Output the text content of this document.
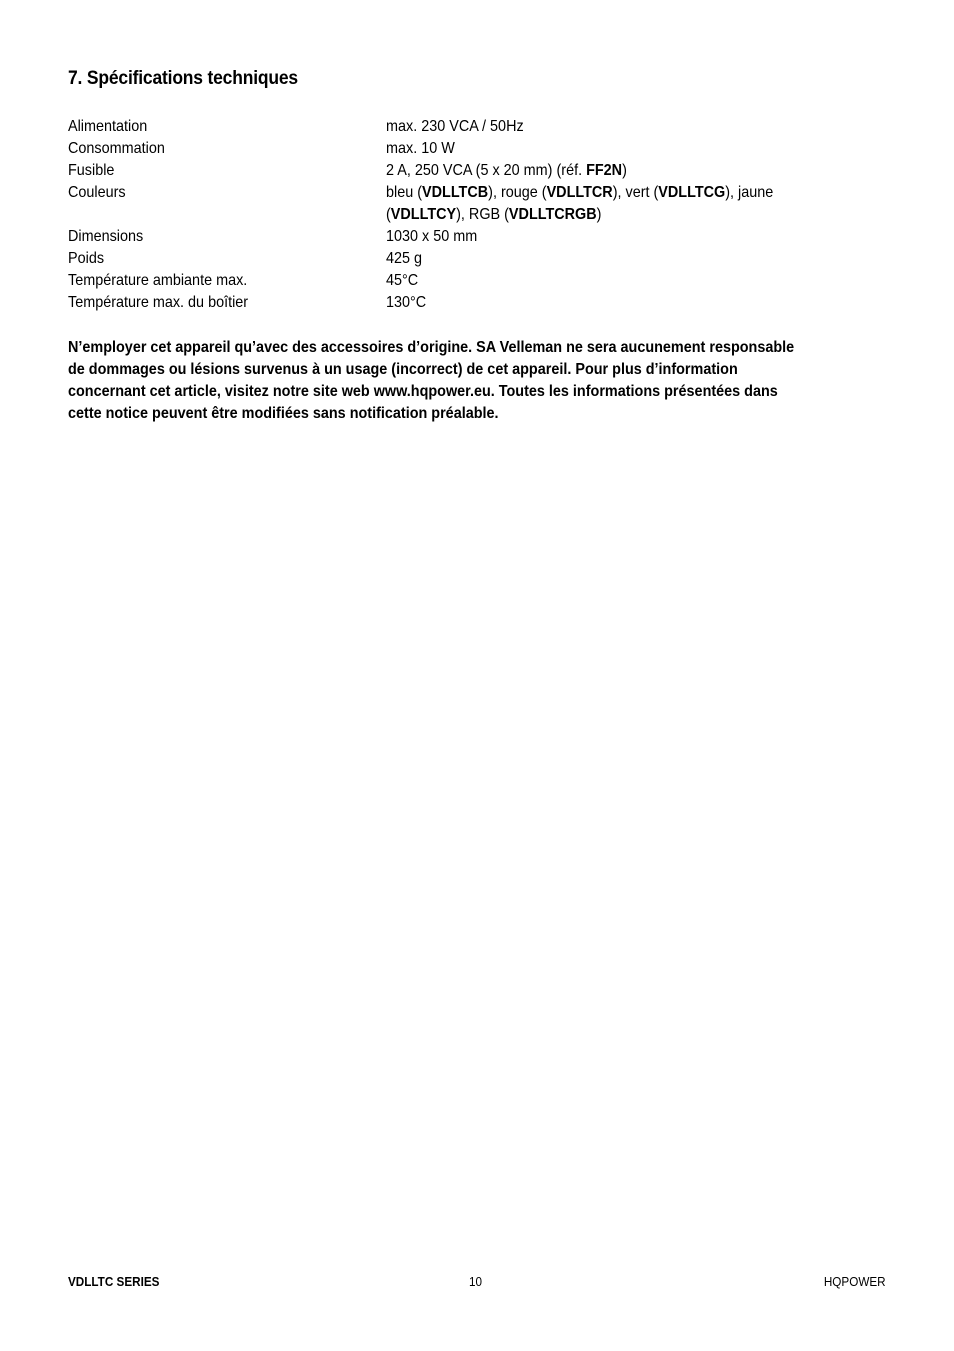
7. Spécifications techniques
Alimentation	max. 230 VCA / 50Hz
Consommation	max. 10 W
Fusible	2 A, 250 VCA (5 x 20 mm) (réf. FF2N)
Couleurs	bleu (VDLLTCB), rouge (VDLLTCR), vert (VDLLTCG), jaune
(VDLLTCY), RGB (VDLLTCRGB)
Dimensions	1030 x 50 mm
Poids	425 g
Température ambiante max.	45°C
Température max. du boîtier	130°C
N’employer cet appareil qu’avec des accessoires d’origine. SA Velleman ne sera aucunement responsable
de dommages ou lésions survenus à un usage (incorrect) de cet appareil. Pour plus d’information
concernant cet article, visitez notre site web www.hqpower.eu. Toutes les informations présentées dans
cette notice peuvent être modifiées sans notification préalable.
VDLLTC SERIES	10	HQPOWER
